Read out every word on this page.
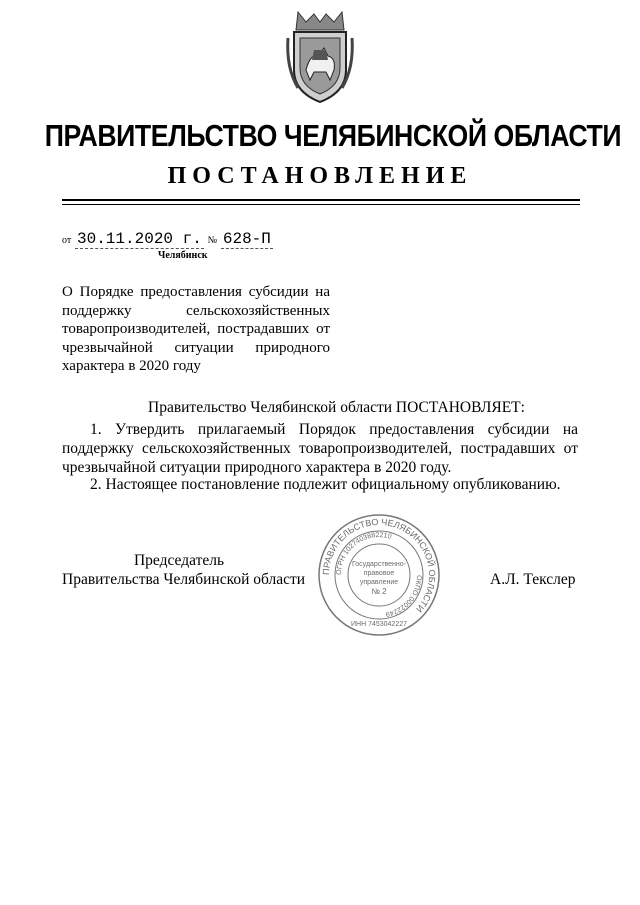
ПРАВИТЕЛЬСТВО ЧЕЛЯБИНСКОЙ ОБЛАСТИ
ПОСТАНОВЛЕНИЕ
от 30.11.2020 г. № 628-П
Челябинск
О Порядке предоставления субсидии на поддержку сельскохозяйственных товаропроизводителей, пострадавших от чрезвычайной ситуации природного характера в 2020 году
Правительство Челябинской области ПОСТАНОВЛЯЕТ:
1. Утвердить прилагаемый Порядок предоставления субсидии на поддержку сельскохозяйственных товаропроизводителей, пострадавших от чрезвычайной ситуации природного характера в 2020 году.
2. Настоящее постановление подлежит официальному опубликованию.
Председатель
Правительства Челябинской области ПРАВИТЕЛЬСТВО ЧЕЛЯБИНСКОЙ ОБЛАСТИ
ОГРН 1027403882210
ОКПО 00022249
ИНН 7453042227
Государственно-
правовое
управление
№ 2
А.Л. Текслер
